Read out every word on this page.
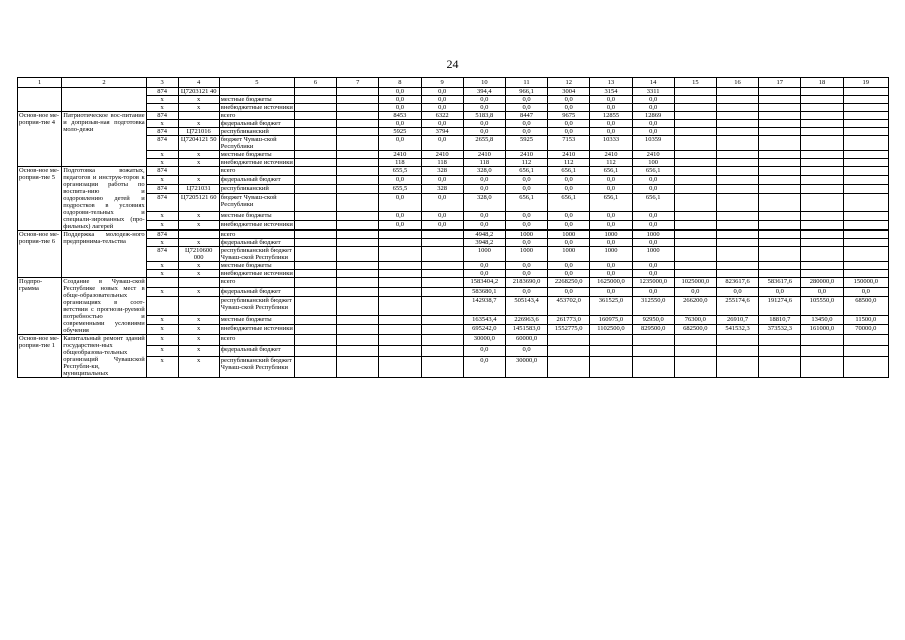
24
1	2	3	4	5	6	7	8	9	10	11	12	13	14	15	16	17	18	19
		874	Ц7203121 40				0,0	0,0	394,4	966,1	3004	3154	3311					
		х	х	местные бюджеты			0,0	0,0	0,0	0,0	0,0	0,0	0,0					
		х	х	внебюджетные источники			0,0	0,0	0,0	0,0	0,0	0,0	0,0					
Основ-ное ме-роприя-тие 4	Патриотическое вос-питание и допризыв-ная подготовка моло-дежи	874		всего			8453	6322	5183,8	8447	9675	12855	12869					
		х	х	федеральный бюджет			0,0	0,0	0,0	0,0	0,0	0,0	0,0					
		874	Ц721016	республиканский			5925	3794	0,0	0,0	0,0	0,0	0,0					
		874	Ц7204121 50	бюджет Чуваш-ской Республики			0,0	0,0	2655,8	5925	7153	10333	10359					
		х	х	местные бюджеты			2410	2410	2410	2410	2410	2410	2410					
		х	х	внебюджетные источники			118	118	118	112	112	112	100					
Основ-ное ме-роприя-тие 5	Подготовка вожатых, педагогов и инструк-торов к организации работы по воспита-нию и оздоровлению детей и подростков в условиях оздорови-тельных и специали-зированных (про-фильных) лагерей	874		всего			655,5	328	328,0	656,1	656,1	656,1	656,1					
		х	х	федеральный бюджет			0,0	0,0	0,0	0,0	0,0	0,0	0,0					
		874	Ц721031	республиканский			655,5	328	0,0	0,0	0,0	0,0	0,0					
		874	Ц7205121 60	бюджет Чуваш-ской Республики			0,0	0,0	328,0	656,1	656,1	656,1	656,1					
		х	х	местные бюджеты			0,0	0,0	0,0	0,0	0,0	0,0	0,0					
		х	х	внебюджетные источники			0,0	0,0	0,0	0,0	0,0	0,0	0,0					

Основ-ное ме-роприя-тие 6	Поддержка молодеж-ного предпринима-тельства	874		всего					4948,2	1000	1000	1000	1000					
		х	х	федеральный бюджет					3948,2	0,0	0,0	0,0	0,0					
		874	Ц7210600 000	республиканский бюджет Чуваш-ской Республики					1000	1000	1000	1000	1000					
		х	х	местные бюджеты					0,0	0,0	0,0	0,0	0,0					
		х	х	внебюджетные источники					0,0	0,0	0,0	0,0	0,0					
Подпро-грамма	Создание в Чуваш-ской Республике новых мест в обще-образовательных организациях в соот-ветствии с прогнози-руемой потребностью и современными условиями обучения			всего					1583404,2	2183690,0	2268250,0	1625000,0	1235000,0	1025000,0	823617,6	583617,6	280000,0	150000,0
		х	х	федеральный бюджет					583680,1	0,0	0,0	0,0	0,0	0,0	0,0	0,0	0,0	0,0
				республиканский бюджет Чуваш-ской Республики					142938,7	505143,4	453702,0	361525,0	312550,0	266200,0	255174,6	191274,6	105550,0	68500,0
		х	х	местные бюджеты					163543,4	226963,6	261773,0	160975,0	92950,0	76300,0	26910,7	18810,7	13450,0	11500,0
		х	х	внебюджетные источники					695242,0	1451583,0	1552775,0	1102500,0	829500,0	682500,0	541532,3	373532,3	161000,0	70000,0
Основ-ное ме-роприя-тие 1	Капитальный ремонт зданий государствен-ных общеобразова-тельных организаций Чувашской Республи-ки, муниципальных	х	х	всего					30000,0	60000,0								
		х	х	федеральный бюджет					0,0	0,0								
		х	х	республиканский бюджет Чуваш-ской Республики					0,0	30000,0								
